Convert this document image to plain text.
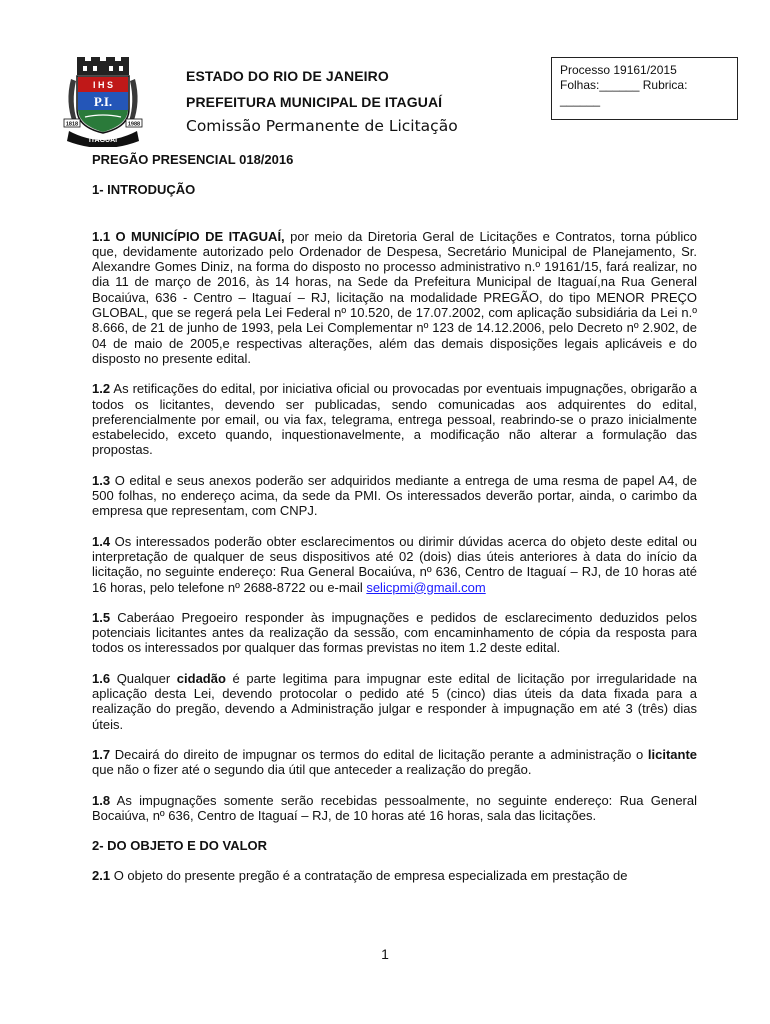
I H S
P.I.
1818	1988
ITAGUAÍ
ESTADO DO RIO DE JANEIRO
PREFEITURA MUNICIPAL DE ITAGUAÍ
Comissão Permanente de Licitação
Processo 19161/2015
Folhas:______ Rubrica: ______

PREGÃO PRESENCIAL 018/2016

1- INTRODUÇÃO

1.1 O MUNICÍPIO DE ITAGUAÍ, por meio da Diretoria Geral de Licitações e Contratos, torna público que, devidamente autorizado pelo Ordenador de Despesa, Secretário Municipal de Planejamento, Sr. Alexandre Gomes Diniz, na forma do disposto no processo administrativo n.º 19161/15, fará realizar, no dia 11 de março de 2016, às 14 horas, na Sede da Prefeitura Municipal de Itaguaí,na Rua General Bocaiúva, 636 - Centro – Itaguaí – RJ, licitação na modalidade PREGÃO, do tipo MENOR PREÇO GLOBAL, que se regerá pela Lei Federal nº 10.520, de 17.07.2002, com aplicação subsidiária da Lei n.º 8.666, de 21 de junho de 1993, pela Lei Complementar nº 123 de 14.12.2006, pelo Decreto nº 2.902, de 04 de maio de 2005,e respectivas alterações, além das demais disposições legais aplicáveis e do disposto no presente edital.

1.2 As retificações do edital, por iniciativa oficial ou provocadas por eventuais impugnações, obrigarão a todos os licitantes, devendo ser publicadas, sendo comunicadas aos adquirentes do edital, preferencialmente por email, ou via fax, telegrama, entrega pessoal, reabrindo-se o prazo inicialmente estabelecido, exceto quando, inquestionavelmente, a modificação não alterar a formulação das propostas.

1.3 O edital e seus anexos poderão ser adquiridos mediante a entrega de uma resma de papel A4, de 500 folhas, no endereço acima, da sede da PMI. Os interessados deverão portar, ainda, o carimbo da empresa que representam, com CNPJ.

1.4 Os interessados poderão obter esclarecimentos ou dirimir dúvidas acerca do objeto deste edital ou interpretação de qualquer de seus dispositivos até 02 (dois) dias úteis anteriores à data do início da licitação, no seguinte endereço: Rua General Bocaiúva, nº 636, Centro de Itaguaí – RJ, de 10 horas até 16 horas, pelo telefone nº 2688-8722 ou e-mail selicpmi@gmail.com

1.5 Caberáao Pregoeiro responder às impugnações e pedidos de esclarecimento deduzidos pelos potenciais licitantes antes da realização da sessão, com encaminhamento de cópia da resposta para todos os interessados por qualquer das formas previstas no item 1.2 deste edital.

1.6 Qualquer cidadão é parte legitima para impugnar este edital de licitação por irregularidade na aplicação desta Lei, devendo protocolar o pedido até 5 (cinco) dias úteis da data fixada para a realização do pregão, devendo a Administração julgar e responder à impugnação em até 3 (três) dias úteis.

1.7 Decairá do direito de impugnar os termos do edital de licitação perante a administração o licitante que não o fizer até o segundo dia útil que anteceder a realização do pregão.

1.8 As impugnações somente serão recebidas pessoalmente, no seguinte endereço: Rua General Bocaiúva, nº 636, Centro de Itaguaí – RJ, de 10 horas até 16 horas, sala das licitações.

2- DO OBJETO E DO VALOR

2.1 O objeto do presente pregão é a contratação de empresa especializada em prestação de

1
